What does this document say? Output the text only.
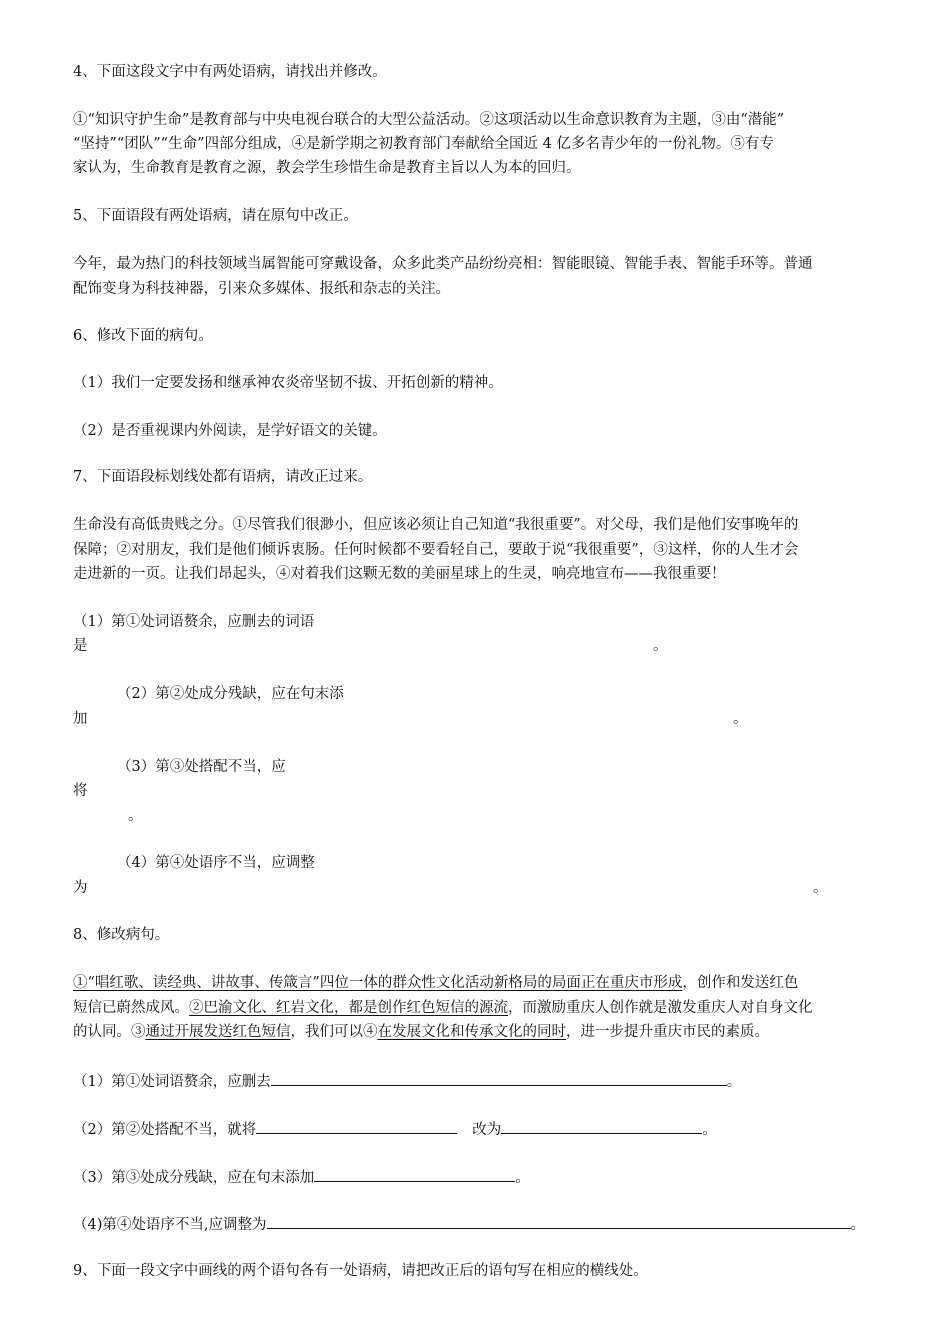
4、下面这段文字中有两处语病，请找出并修改。
①“知识守护生命”是教育部与中央电视台联合的大型公益活动。②这项活动以生命意识教育为主题，③由“潜能”
“坚持”“团队”“生命”四部分组成，④是新学期之初教育部门奉献给全国近 4 亿多名青少年的一份礼物。⑤有专
家认为，生命教育是教育之源，教会学生珍惜生命是教育主旨以人为本的回归。
5、下面语段有两处语病，请在原句中改正。
今年，最为热门的科技领域当属智能可穿戴设备，众多此类产品纷纷亮相：智能眼镜、智能手表、智能手环等。普通
配饰变身为科技神器，引来众多媒体、报纸和杂志的关注。
6、修改下面的病句。
（1）我们一定要发扬和继承神农炎帝坚韧不拔、开拓创新的精神。
（2）是否重视课内外阅读，是学好语文的关键。
7、下面语段标划线处都有语病，请改正过来。
生命没有高低贵贱之分。①尽管我们很渺小，但应该必须让自己知道“我很重要”。对父母，我们是他们安事晚年的
保障；②对朋友，我们是他们倾诉衷肠。任何时候都不要看轻自己，要敢于说“我很重要”，③这样，你的人生才会
走进新的一页。让我们昂起头，④对着我们这颗无数的美丽星球上的生灵，响亮地宣布——我很重要！
（1）第①处词语赘余，应删去的词语
是	。
（2）第②处成分残缺，应在句末添
加	。
（3）第③处搭配不当，应
将
。
（4）第④处语序不当，应调整
为	。
8、修改病句。
①“唱红歌、读经典、讲故事、传箴言”四位一体的群众性文化活动新格局的局面正在重庆市形成，创作和发送红色
短信已蔚然成风。②巴渝文化、红岩文化，都是创作红色短信的源流，而激励重庆人创作就是激发重庆人对自身文化
的认同。③通过开展发送红色短信，我们可以④在发展文化和传承文化的同时，进一步提升重庆市民的素质。
（1）第①处词语赘余，应删去	。
（2）第②处搭配不当，就将	改为	。
（3）第③处成分残缺，应在句末添加	。
（4)第④处语序不当,应调整为	。
9、下面一段文字中画线的两个语句各有一处语病，请把改正后的语句写在相应的横线处。
